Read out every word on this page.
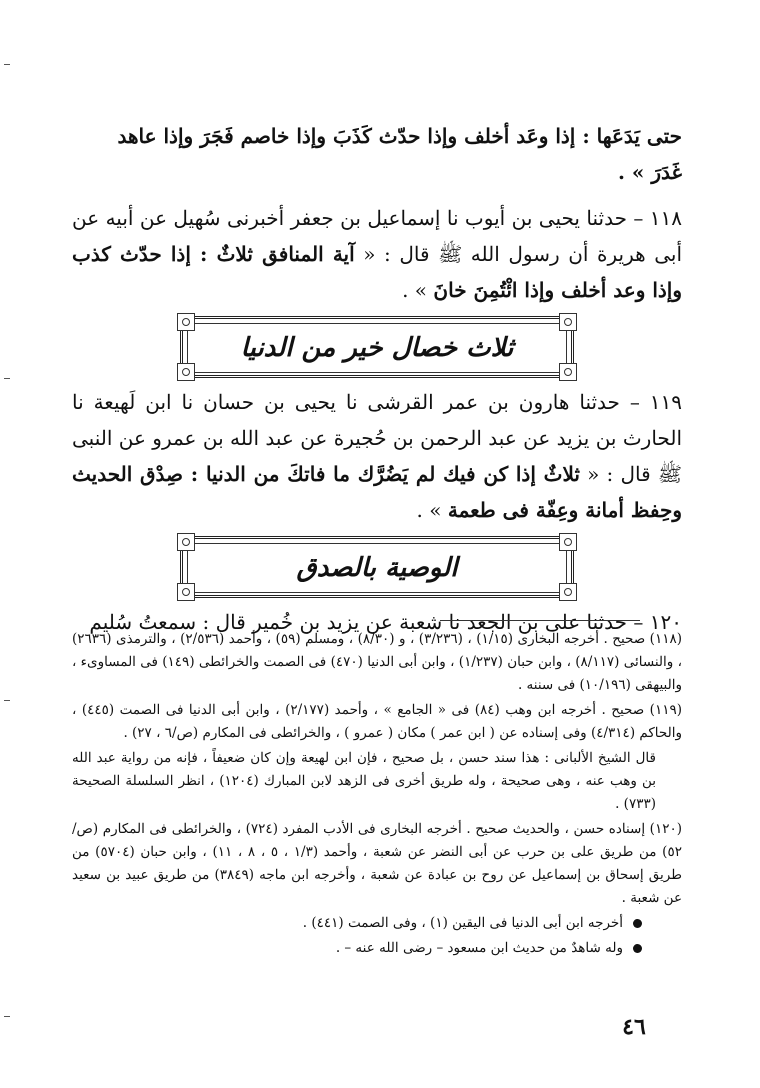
حتى يَدَعَها : إذا وعَد أخلف وإذا حدّث كَذَبَ وإذا خاصم فَجَرَ وإذا عاهد
غَدَرَ » .

١١٨ – حدثنا يحيى بن أيوب نا إسماعيل بن جعفر أخبرنى سُهيل عن أبيه عن أبى هريرة أن رسول الله ﷺ قال : « آية المنافق ثلاثٌ : إذا حدّث كذب وإذا وعد أخلف وإذا ائْتُمِنَ خانَ » .

ثلاث خصال خير من الدنيا

١١٩ – حدثنا هارون بن عمر القرشى نا يحيى بن حسان نا ابن لَهيعة نا الحارث بن يزيد عن عبد الرحمن بن حُجيرة عن عبد الله بن عمرو عن النبى ﷺ قال : « ثلاثٌ إذا كن فيك لم يَضُرَّك ما فاتكَ من الدنيا : صِدْق الحديث وحِفظ أمانة وعِفّة فى طعمة » .

الوصية بالصدق

١٢٠ – حدثنا على بن الجعد نا شعبة عن يزيد بن خُمير قال : سمعتُ سُليم

(١١٨) صحيح . أخرجه البخارى (١/١٥) ، (٣/٢٣٦) ، و (٨/٣٠) ، ومسلم (٥٩) ، وأحمد (٢/٥٣٦) ، والترمذى (٢٦٣٦) ، والنسائى (٨/١١٧) ، وابن حبان (١/٢٣٧) ، وابن أبى الدنيا (٤٧٠) فى الصمت والخرائطى (١٤٩) فى المساوىء ، والبيهقى (١٠/١٩٦) فى سننه .

(١١٩) صحيح . أخرجه ابن وهب (٨٤) فى « الجامع » ، وأحمد (٢/١٧٧) ، وابن أبى الدنيا فى الصمت (٤٤٥) ، والحاكم (٤/٣١٤) وفى إسناده عن ( ابن عمر ) مكان ( عمرو ) ، والخرائطى فى المكارم (ص/٦ ، ٢٧) .

قال الشيخ الألبانى : هذا سند حسن ، بل صحيح ، فإن ابن لهيعة وإن كان ضعيفاً ، فإنه من رواية عبد الله بن وهب عنه ، وهى صحيحة ، وله طريق أخرى فى الزهد لابن المبارك (١٢٠٤) ، انظر السلسلة الصحيحة (٧٣٣) .

(١٢٠) إسناده حسن ، والحديث صحيح . أخرجه البخارى فى الأدب المفرد (٧٢٤) ، والخرائطى فى المكارم (ص/٥٢) من طريق على بن حرب عن أبى النضر عن شعبة ، وأحمد (١/٣ ، ٥ ، ٨ ، ١١) ، وابن حبان (٥٧٠٤) من طريق إسحاق بن إسماعيل عن روح بن عبادة عن شعبة ، وأخرجه ابن ماجه (٣٨٤٩) من طريق عبيد بن سعيد عن شعبة .

أخرجه ابن أبى الدنيا فى اليقين (١) ، وفى الصمت (٤٤١) .

وله شاهدٌ من حديث ابن مسعود – رضى الله عنه – .

٤٦
